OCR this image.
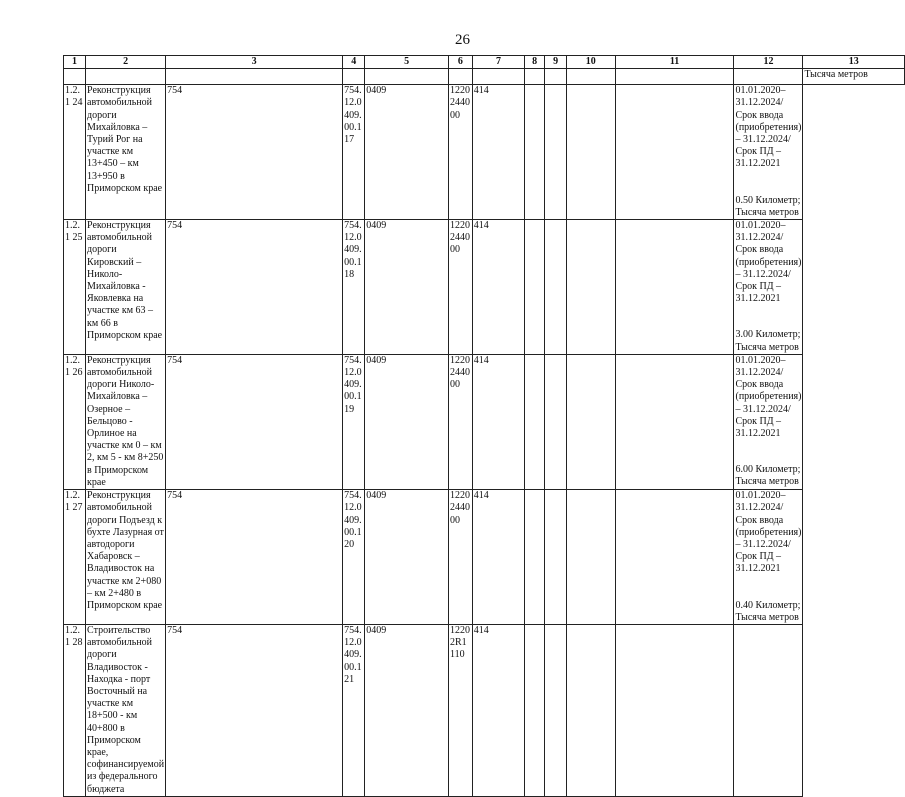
26
1	2	3	4	5	6	7	8	9	10	11	12	13
												Тысяча метров
1.2.1 24	Реконструкция автомобильной дороги Михайловка – Турий Рог на участке км 13+450 – км 13+950 в Приморском крае	754	754.12.0409.00.117	0409	1220244000	414					01.01.2020–31.12.2024/ Срок ввода (приобретения) – 31.12.2024/ Срок ПД – 31.12.2021
0.50 Километр; Тысяча метров	
1.2.1 25	Реконструкция автомобильной дороги Кировский – Николо-Михайловка - Яковлевка на участке км 63 – км 66 в Приморском крае	754	754.12.0409.00.118	0409	1220244000	414					01.01.2020–31.12.2024/ Срок ввода (приобретения) – 31.12.2024/ Срок ПД – 31.12.2021
3.00 Километр; Тысяча метров	
1.2.1 26	Реконструкция автомобильной дороги Николо-Михайловка – Озерное – Бельцово - Орлиное на участке км 0 – км 2, км 5 - км 8+250 в Приморском крае	754	754.12.0409.00.119	0409	1220244000	414					01.01.2020–31.12.2024/ Срок ввода (приобретения) – 31.12.2024/ Срок ПД – 31.12.2021
6.00 Километр; Тысяча метров	
1.2.1 27	Реконструкция автомобильной дороги Подъезд к бухте Лазурная от автодороги Хабаровск – Владивосток на участке км 2+080 – км 2+480 в Приморском крае	754	754.12.0409.00.120	0409	1220244000	414					01.01.2020–31.12.2024/ Срок ввода (приобретения) – 31.12.2024/ Срок ПД – 31.12.2021
0.40 Километр; Тысяча метров	
1.2.1 28	Строительство автомобильной дороги Владивосток - Находка - порт Восточный на участке км 18+500 - км 40+800 в Приморском крае, софинансируемой из федерального бюджета	754	754.12.0409.00.121	0409	12202R1110	414						
